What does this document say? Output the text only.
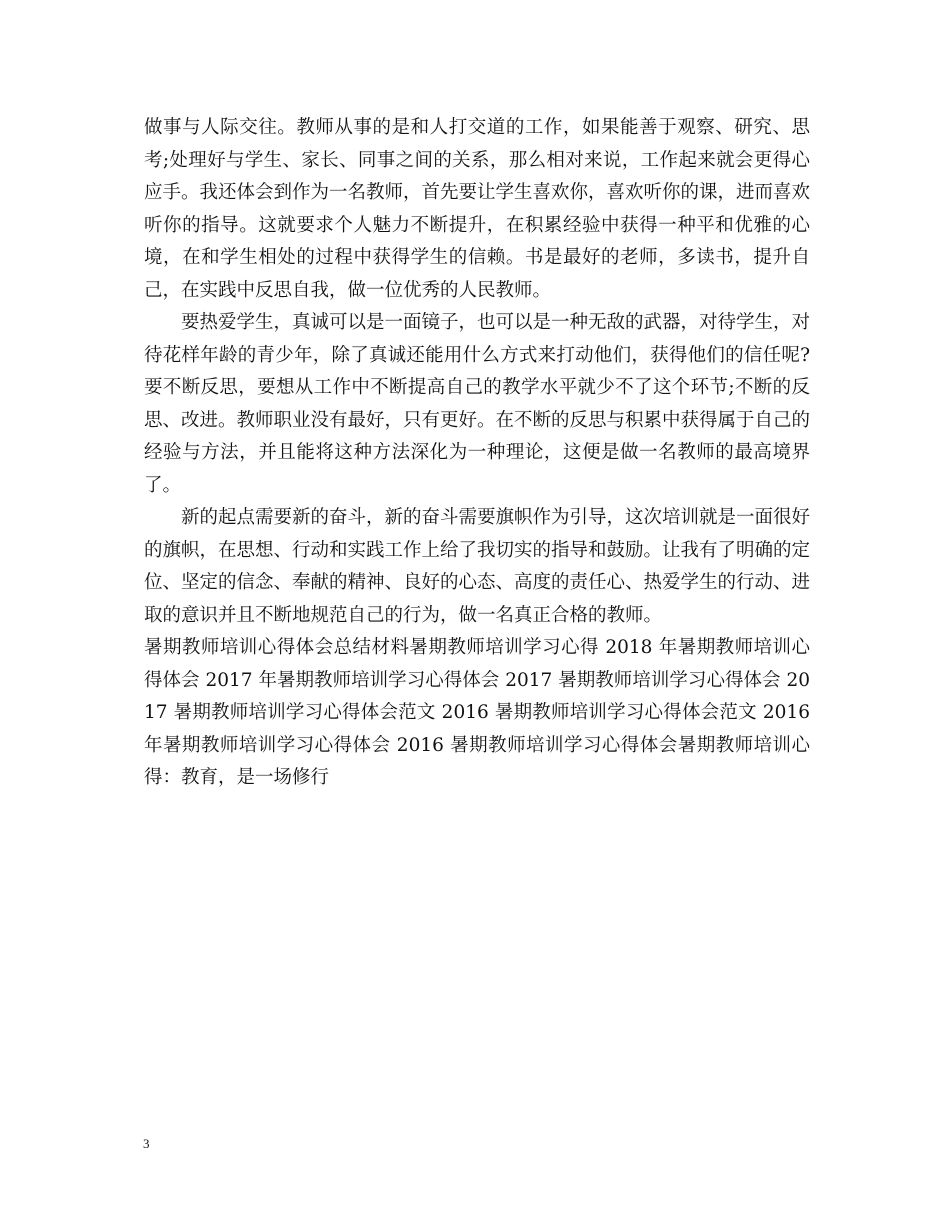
做事与人际交往。教师从事的是和人打交道的工作，如果能善于观察、研究、思考;处理好与学生、家长、同事之间的关系，那么相对来说，工作起来就会更得心应手。我还体会到作为一名教师，首先要让学生喜欢你，喜欢听你的课，进而喜欢听你的指导。这就要求个人魅力不断提升，在积累经验中获得一种平和优雅的心境，在和学生相处的过程中获得学生的信赖。书是最好的老师，多读书，提升自己，在实践中反思自我，做一位优秀的人民教师。

要热爱学生，真诚可以是一面镜子，也可以是一种无敌的武器，对待学生，对待花样年龄的青少年，除了真诚还能用什么方式来打动他们，获得他们的信任呢?要不断反思，要想从工作中不断提高自己的教学水平就少不了这个环节;不断的反思、改进。教师职业没有最好，只有更好。在不断的反思与积累中获得属于自己的经验与方法，并且能将这种方法深化为一种理论，这便是做一名教师的最高境界了。

新的起点需要新的奋斗，新的奋斗需要旗帜作为引导，这次培训就是一面很好的旗帜，在思想、行动和实践工作上给了我切实的指导和鼓励。让我有了明确的定位、坚定的信念、奉献的精神、良好的心态、高度的责任心、热爱学生的行动、进取的意识并且不断地规范自己的行为，做一名真正合格的教师。

暑期教师培训心得体会总结材料暑期教师培训学习心得 2018 年暑期教师培训心得体会 2017 年暑期教师培训学习心得体会 2017 暑期教师培训学习心得体会 2017 暑期教师培训学习心得体会范文 2016 暑期教师培训学习心得体会范文 2016 年暑期教师培训学习心得体会 2016 暑期教师培训学习心得体会暑期教师培训心得：教育，是一场修行

3
